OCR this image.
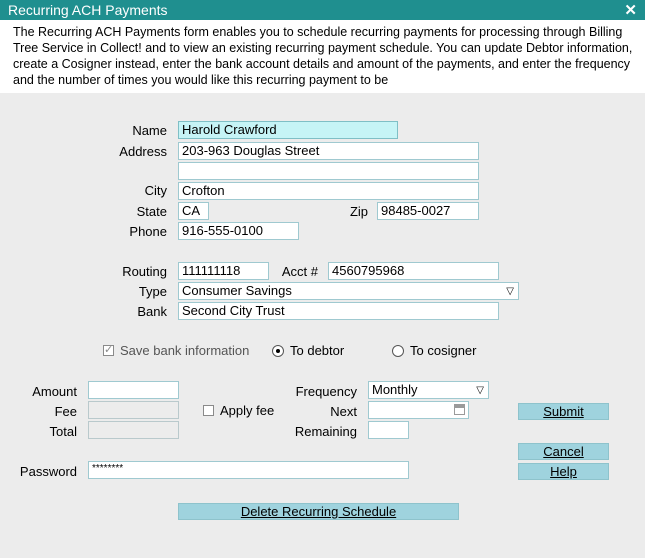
Recurring ACH Payments	✕

The Recurring ACH Payments form enables you to schedule recurring payments for processing through Billing Tree Service in Collect! and to view an existing recurring payment schedule. You can update Debtor information, create a Cosigner instead, enter the bank account details and amount of the payments, and enter the frequency and the number of times you would like this recurring payment to be

Name	Harold Crawford
Address	203-963 Douglas Street
City	Crofton
State	CA	Zip	98485-0027
Phone	916-555-0100
Routing	111111118	Acct #	4560795968
Type	Consumer Savings	▽
Bank	Second City Trust
✓
Save bank information	To debtor	To cosigner
Amount
Fee
Total
Apply fee
Frequency	Monthly	▽
Next
Remaining
Password	********
Submit
Cancel
Help
Delete Recurring Schedule
